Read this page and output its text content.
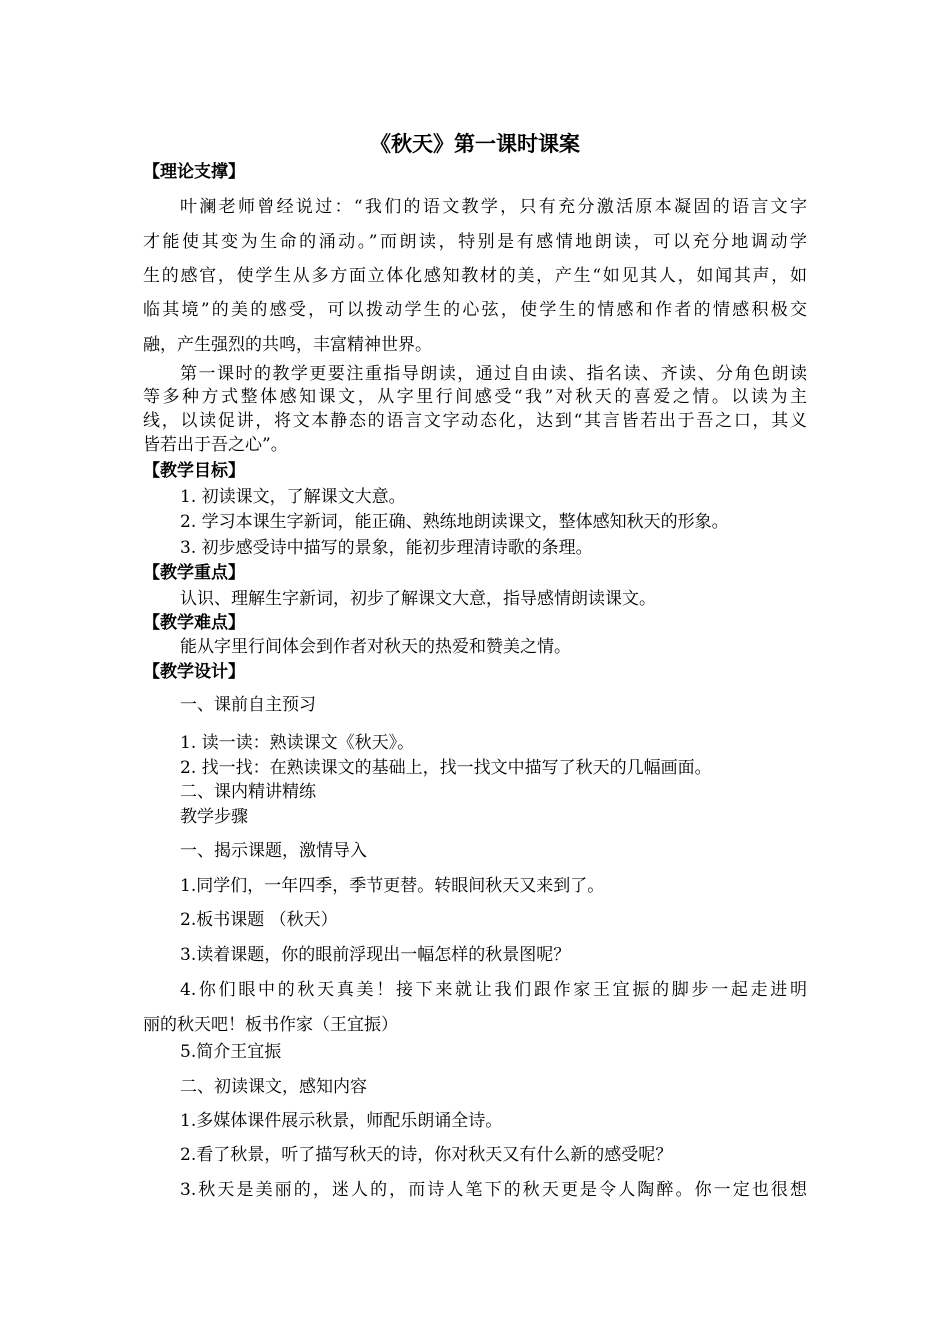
《秋天》第一课时课案
【理论支撑】
叶澜老师曾经说过：“我们的语文教学，只有充分激活原本凝固的语言文字
才能使其变为生命的涌动。”而朗读，特别是有感情地朗读，可以充分地调动学
生的感官，使学生从多方面立体化感知教材的美，产生“如见其人，如闻其声，如
临其境”的美的感受，可以拨动学生的心弦，使学生的情感和作者的情感积极交
融，产生强烈的共鸣，丰富精神世界。
第一课时的教学更要注重指导朗读，通过自由读、指名读、齐读、分角色朗读
等多种方式整体感知课文，从字里行间感受“我”对秋天的喜爱之情。以读为主
线，以读促讲，将文本静态的语言文字动态化，达到“其言皆若出于吾之口，其义
皆若出于吾之心”。
【教学目标】
1. 初读课文，了解课文大意。
2. 学习本课生字新词，能正确、熟练地朗读课文，整体感知秋天的形象。
3. 初步感受诗中描写的景象，能初步理清诗歌的条理。
【教学重点】
认识、理解生字新词，初步了解课文大意，指导感情朗读课文。
【教学难点】
能从字里行间体会到作者对秋天的热爱和赞美之情。
【教学设计】
一、课前自主预习
1. 读一读：熟读课文《秋天》。
2. 找一找：在熟读课文的基础上，找一找文中描写了秋天的几幅画面。
二、课内精讲精练
教学步骤
一、揭示课题，激情导入
1.同学们，一年四季，季节更替。转眼间秋天又来到了。
2.板书课题 （秋天）
3.读着课题，你的眼前浮现出一幅怎样的秋景图呢？
4.你们眼中的秋天真美！接下来就让我们跟作家王宜振的脚步一起走进明
丽的秋天吧！板书作家（王宜振）
5.简介王宜振
二、初读课文，感知内容
1.多媒体课件展示秋景，师配乐朗诵全诗。
2.看了秋景，听了描写秋天的诗，你对秋天又有什么新的感受呢？
3.秋天是美丽的，迷人的，而诗人笔下的秋天更是令人陶醉。你一定也很想
